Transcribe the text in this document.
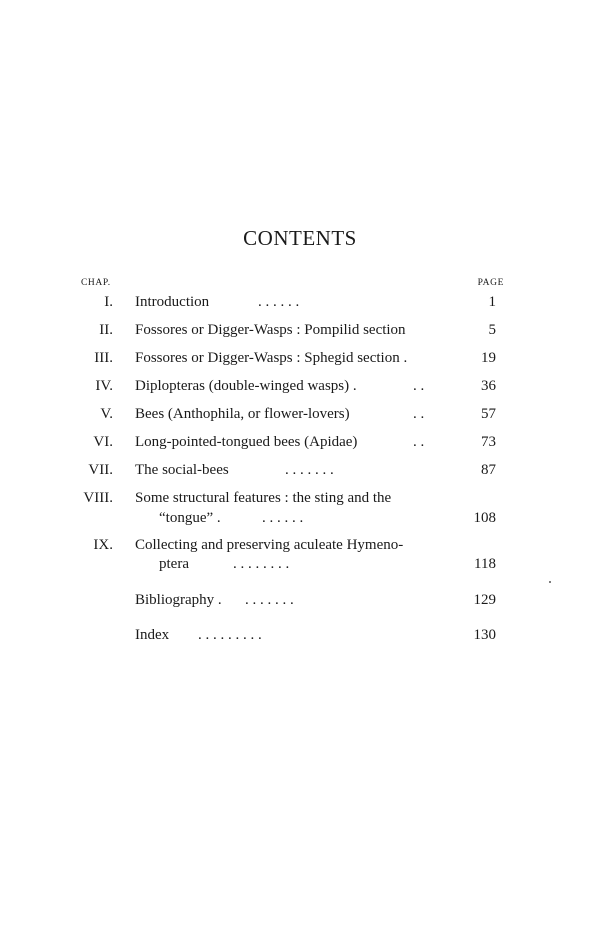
CONTENTS
CHAP.	PAGE
I. Introduction	. . . . . .	1
II. Fossores or Digger-Wasps : Pompilid section	5
III. Fossores or Digger-Wasps : Sphegid section .	19
IV. Diplopteras (double-winged wasps) .	. .	36
V. Bees (Anthophila, or flower-lovers)	. .	57
VI. Long-pointed-tongued bees (Apidae)	. .	73
VII. The social-bees	. . . . . . .	87
VIII. Some structural features : the sting and the
“tongue” .	. . . . . .	108
IX. Collecting and preserving aculeate Hymeno-
ptera	. . . . . . . .	118
Bibliography . . . . . . . .	129
Index . . . . . . . . .	130
